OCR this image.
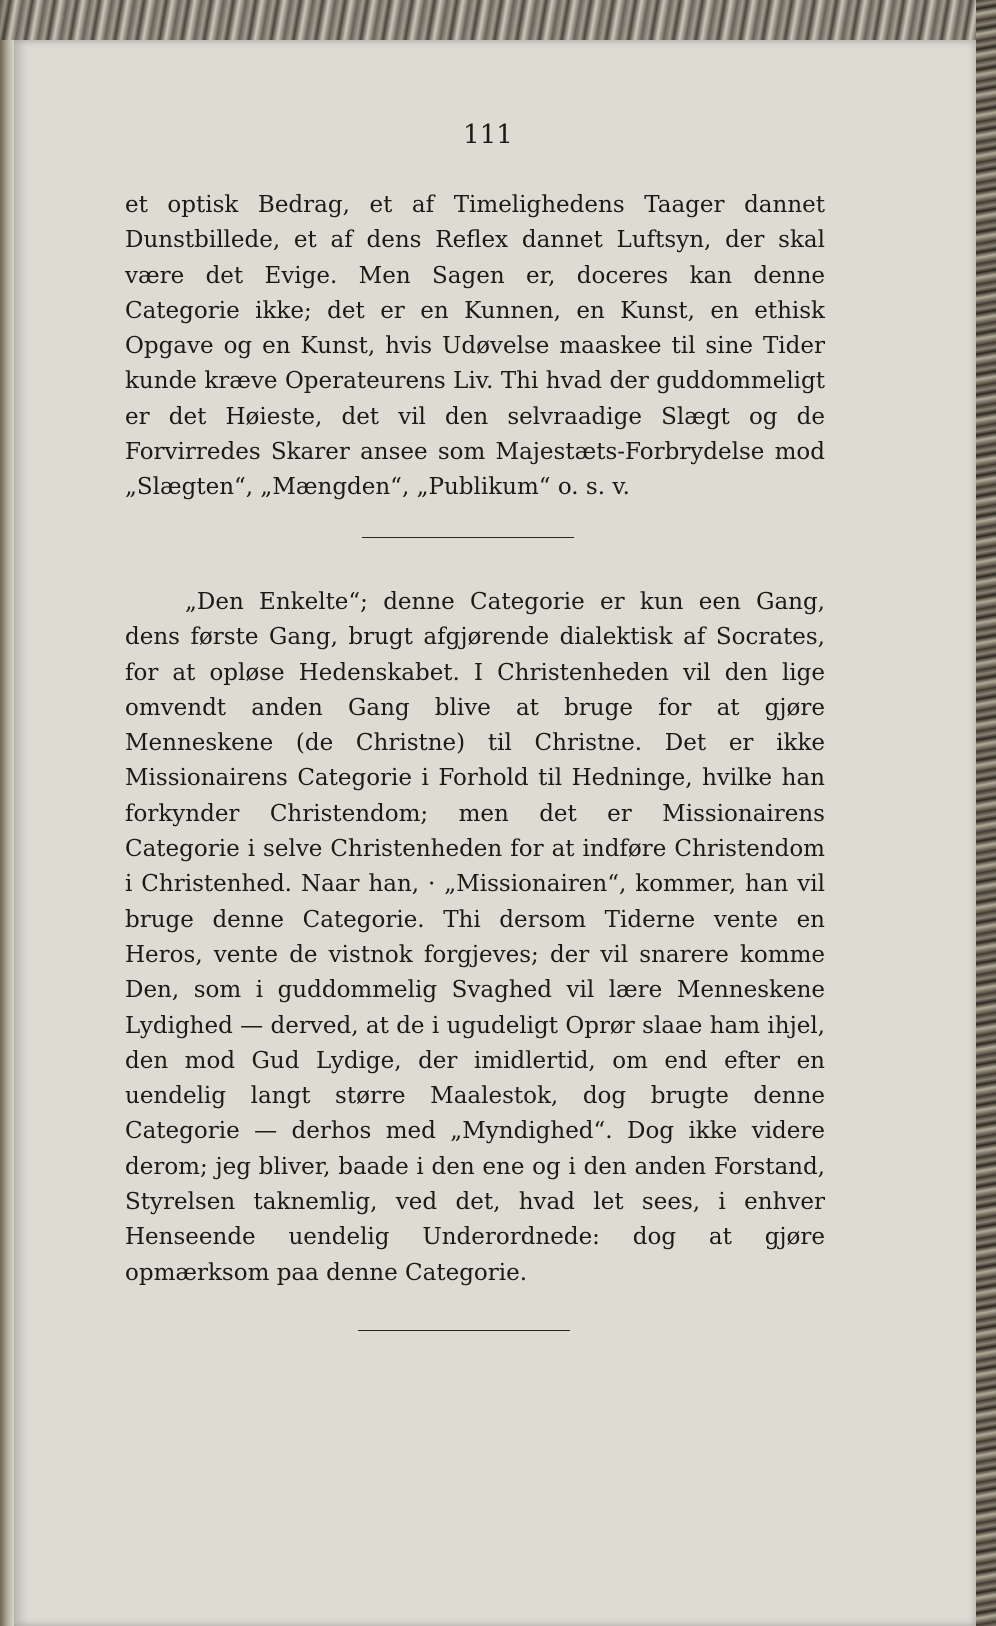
111

et optisk Bedrag, et af Timelighedens Taager dannet Dunstbillede, et af dens Reflex dannet Luftsyn, der skal være det Evige. Men Sagen er, doceres kan denne Categorie ikke; det er en Kunnen, en Kunst, en ethisk Opgave og en Kunst, hvis Udøvelse maaskee til sine Tider kunde kræve Operateurens Liv. Thi hvad der guddommeligt er det Høieste, det vil den selvraadige Slægt og de Forvirredes Skarer ansee som Majestæts-Forbrydelse mod „Slægten“, „Mængden“, „Publikum“ o. s. v.

„Den Enkelte“; denne Categorie er kun een Gang, dens første Gang, brugt afgjørende dialektisk af Socrates, for at opløse Hedenskabet. I Christenheden vil den lige omvendt anden Gang blive at bruge for at gjøre Menneskene (de Christne) til Christne. Det er ikke Missionairens Categorie i Forhold til Hedninge, hvilke han forkynder Christendom; men det er Missionairens Categorie i selve Christenheden for at indføre Christendom i Christenhed. Naar han, · „Missionairen“, kommer, han vil bruge denne Categorie. Thi dersom Tiderne vente en Heros, vente de vistnok forgjeves; der vil snarere komme Den, som i guddommelig Svaghed vil lære Menneskene Lydighed — derved, at de i ugudeligt Oprør slaae ham ihjel, den mod Gud Lydige, der imidlertid, om end efter en uendelig langt større Maalestok, dog brugte denne Categorie — derhos med „Myndighed“. Dog ikke videre derom; jeg bliver, baade i den ene og i den anden Forstand, Styrelsen taknemlig, ved det, hvad let sees, i enhver Henseende uendelig Underordnede: dog at gjøre opmærksom paa denne Categorie.
